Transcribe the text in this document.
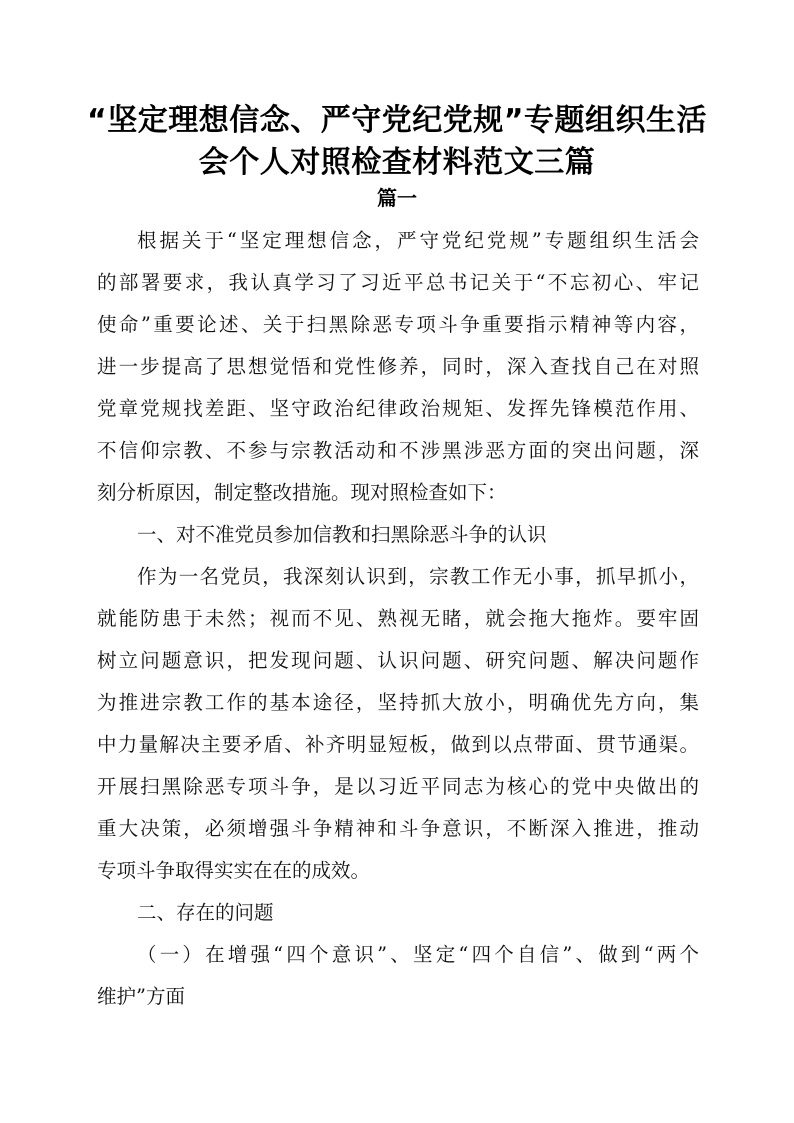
“坚定理想信念、严守党纪党规”专题组织生活
会个人对照检查材料范文三篇
篇一

根据关于“坚定理想信念，严守党纪党规”专题组织生活会

的部署要求，我认真学习了习近平总书记关于“不忘初心、牢记

使命”重要论述、关于扫黑除恶专项斗争重要指示精神等内容，

进一步提高了思想觉悟和党性修养，同时，深入查找自己在对照

党章党规找差距、坚守政治纪律政治规矩、发挥先锋模范作用、

不信仰宗教、不参与宗教活动和不涉黑涉恶方面的突出问题，深

刻分析原因，制定整改措施。现对照检查如下：

一、对不准党员参加信教和扫黑除恶斗争的认识

作为一名党员，我深刻认识到，宗教工作无小事，抓早抓小，

就能防患于未然；视而不见、熟视无睹，就会拖大拖炸。要牢固

树立问题意识，把发现问题、认识问题、研究问题、解决问题作

为推进宗教工作的基本途径，坚持抓大放小，明确优先方向，集

中力量解决主要矛盾、补齐明显短板，做到以点带面、贯节通渠。

开展扫黑除恶专项斗争，是以习近平同志为核心的党中央做出的

重大决策，必须增强斗争精神和斗争意识，不断深入推进，推动

专项斗争取得实实在在的成效。

二、存在的问题

（一）在增强“四个意识”、坚定“四个自信”、做到“两个

维护”方面
